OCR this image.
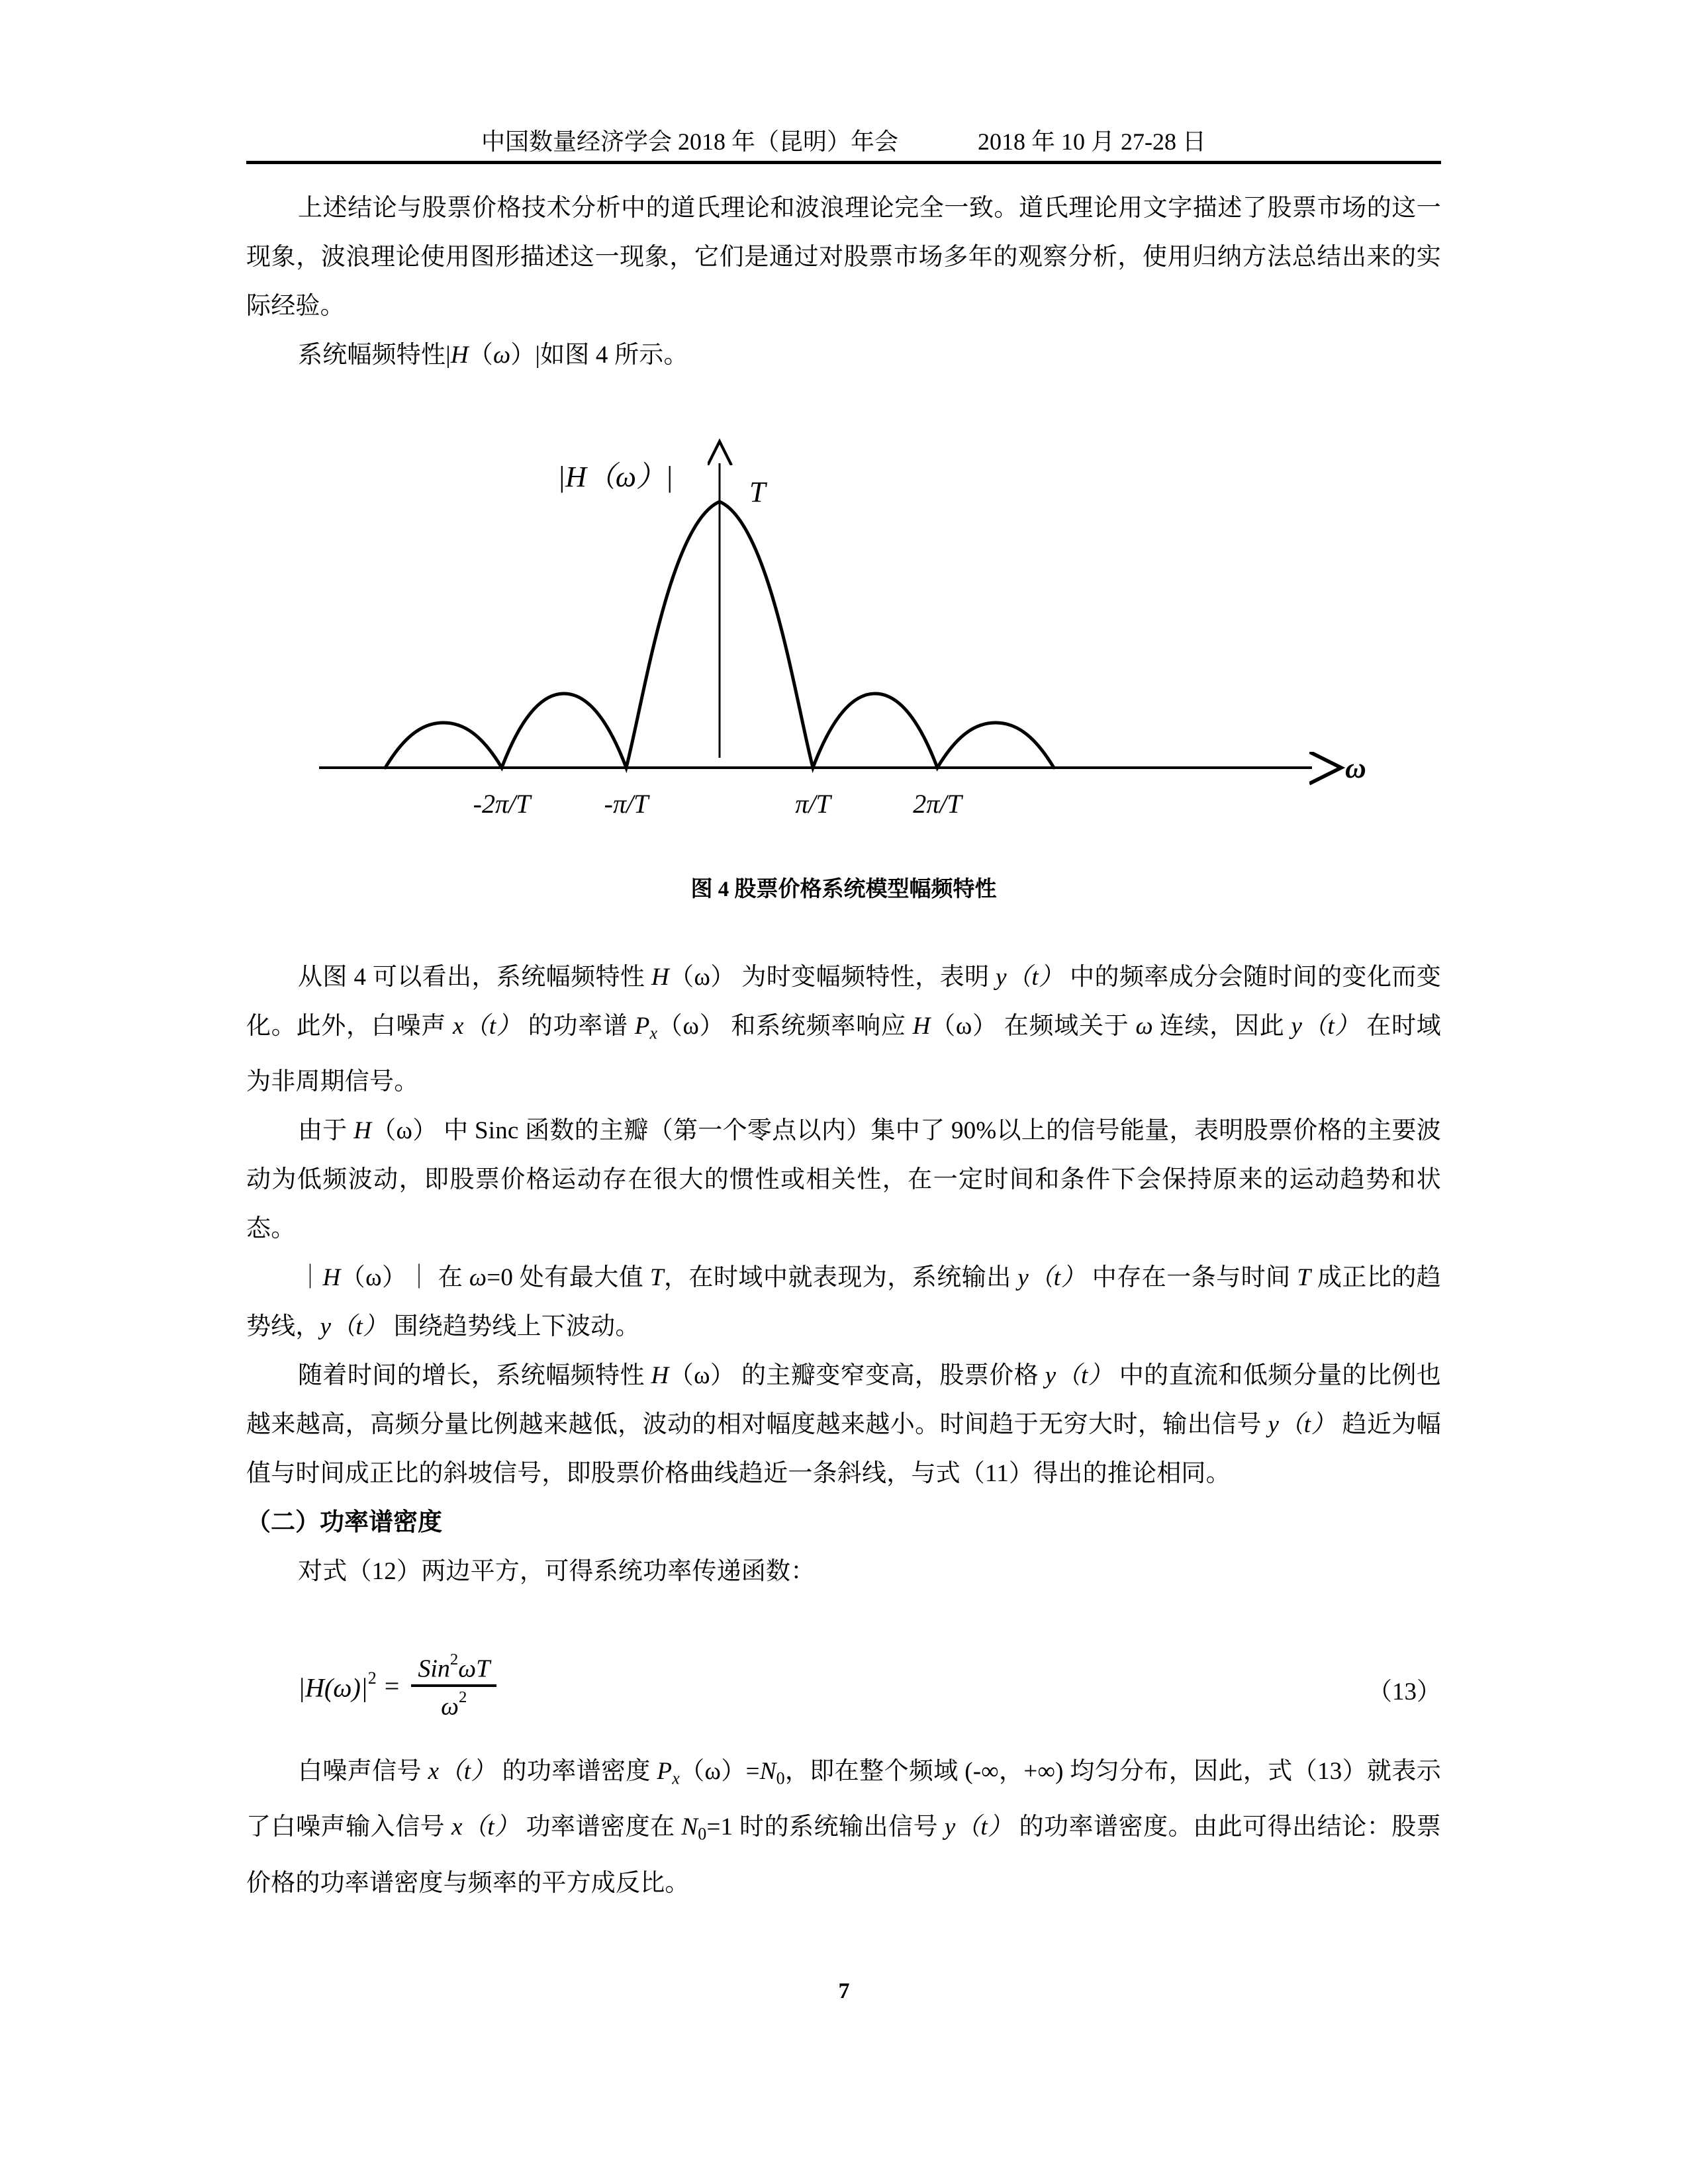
中国数量经济学会 2018 年（昆明）年会	2018 年 10 月 27-28 日

上述结论与股票价格技术分析中的道氏理论和波浪理论完全一致。道氏理论用文字描述了股票市场的这一现象，波浪理论使用图形描述这一现象，它们是通过对股票市场多年的观察分析，使用归纳方法总结出来的实际经验。

系统幅频特性|H（ω）|如图 4 所示。

T
|H（ω）|
ω
-2π/T	-π/T	π/T	2π/T
图 4 股票价格系统模型幅频特性

从图 4 可以看出，系统幅频特性 H（ω） 为时变幅频特性，表明 y（t） 中的频率成分会随时间的变化而变化。此外，白噪声 x（t） 的功率谱 $P_x(\omega)$ 和系统频率响应 H（ω） 在频域关于 ω 连续，因此 y（t） 在时域为非周期信号。

由于 H（ω） 中 Sinc 函数的主瓣（第一个零点以内）集中了 90%以上的信号能量，表明股票价格的主要波动为低频波动，即股票价格运动存在很大的惯性或相关性，在一定时间和条件下会保持原来的运动趋势和状态。

｜H（ω）｜ 在 ω=0 处有最大值 T，在时域中就表现为，系统输出 y（t） 中存在一条与时间 T 成正比的趋势线，y（t） 围绕趋势线上下波动。

随着时间的增长，系统幅频特性 H（ω） 的主瓣变窄变高，股票价格 y（t） 中的直流和低频分量的比例也越来越高，高频分量比例越来越低，波动的相对幅度越来越小。时间趋于无穷大时，输出信号 y（t） 趋近为幅值与时间成正比的斜坡信号，即股票价格曲线趋近一条斜线，与式（11）得出的推论相同。

（二）功率谱密度

对式（12）两边平方，可得系统功率传递函数：

$|H(\omega)|^2 = \frac{Sin^2\omega T}{\omega^2}$	（13）

白噪声信号 x（t） 的功率谱密度 $P_x(\omega)=N0$，即在整个频域 (-∞，+∞) 均匀分布，因此，式（13）就表示了白噪声输入信号 x（t） 功率谱密度在 N0=1 时的系统输出信号 y（t） 的功率谱密度。由此可得出结论：股票价格的功率谱密度与频率的平方成反比。

7
